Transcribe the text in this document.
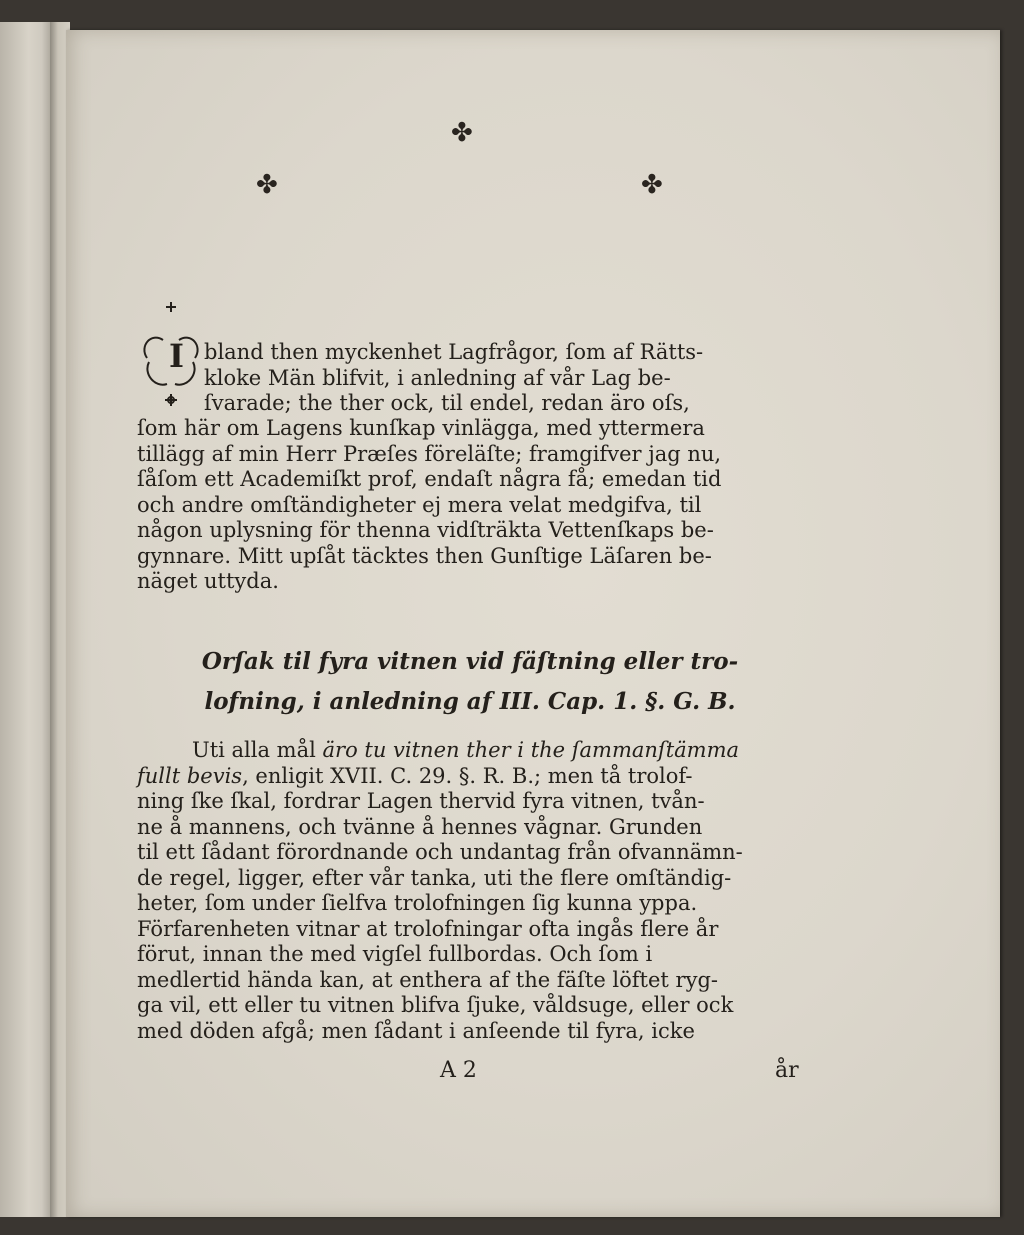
✤
✤	✤
I bland then myckenhet Lagfrågor, ſom af Rätts-
kloke Män blifvit, i anledning af vår Lag be-
ſvarade; the ther ock, til endel, redan äro oſs,
ſom här om Lagens kunſkap vinlägga, med yttermera
tillägg af min Herr Præſes föreläſte; framgifver jag nu,
ſåſom ett Academiſkt prof, endaſt några få; emedan tid
och andre omſtändigheter ej mera velat medgifva, til
någon uplysning för thenna vidſträkta Vettenſkaps be-
gynnare. Mitt upſåt täcktes then Gunſtige Läſaren be-
näget uttyda.
Orſak til fyra vitnen vid fäſtning eller tro-
lofning, i anledning af III. Cap. 1. §. G. B.
Uti alla mål äro tu vitnen ther i the ſammanſtämma
fullt bevis, enligit XVII. C. 29. §. R. B.; men tå trolof-
ning ſke ſkal, fordrar Lagen thervid fyra vitnen, tvån-
ne å mannens, och tvänne å hennes vågnar. Grunden
til ett ſådant förordnande och undantag från ofvannämn-
de regel, ligger, efter vår tanka, uti the flere omſtändig-
heter, ſom under ſielfva trolofningen ſig kunna yppa.
Förfarenheten vitnar at trolofningar ofta ingås flere år
förut, innan the med vigſel fullbordas. Och ſom i
medlertid hända kan, at enthera af the fäſte löftet ryg-
ga vil, ett eller tu vitnen blifva ſjuke, våldsuge, eller ock
med döden afgå; men ſådant i anſeende til fyra, icke
A 2	år
